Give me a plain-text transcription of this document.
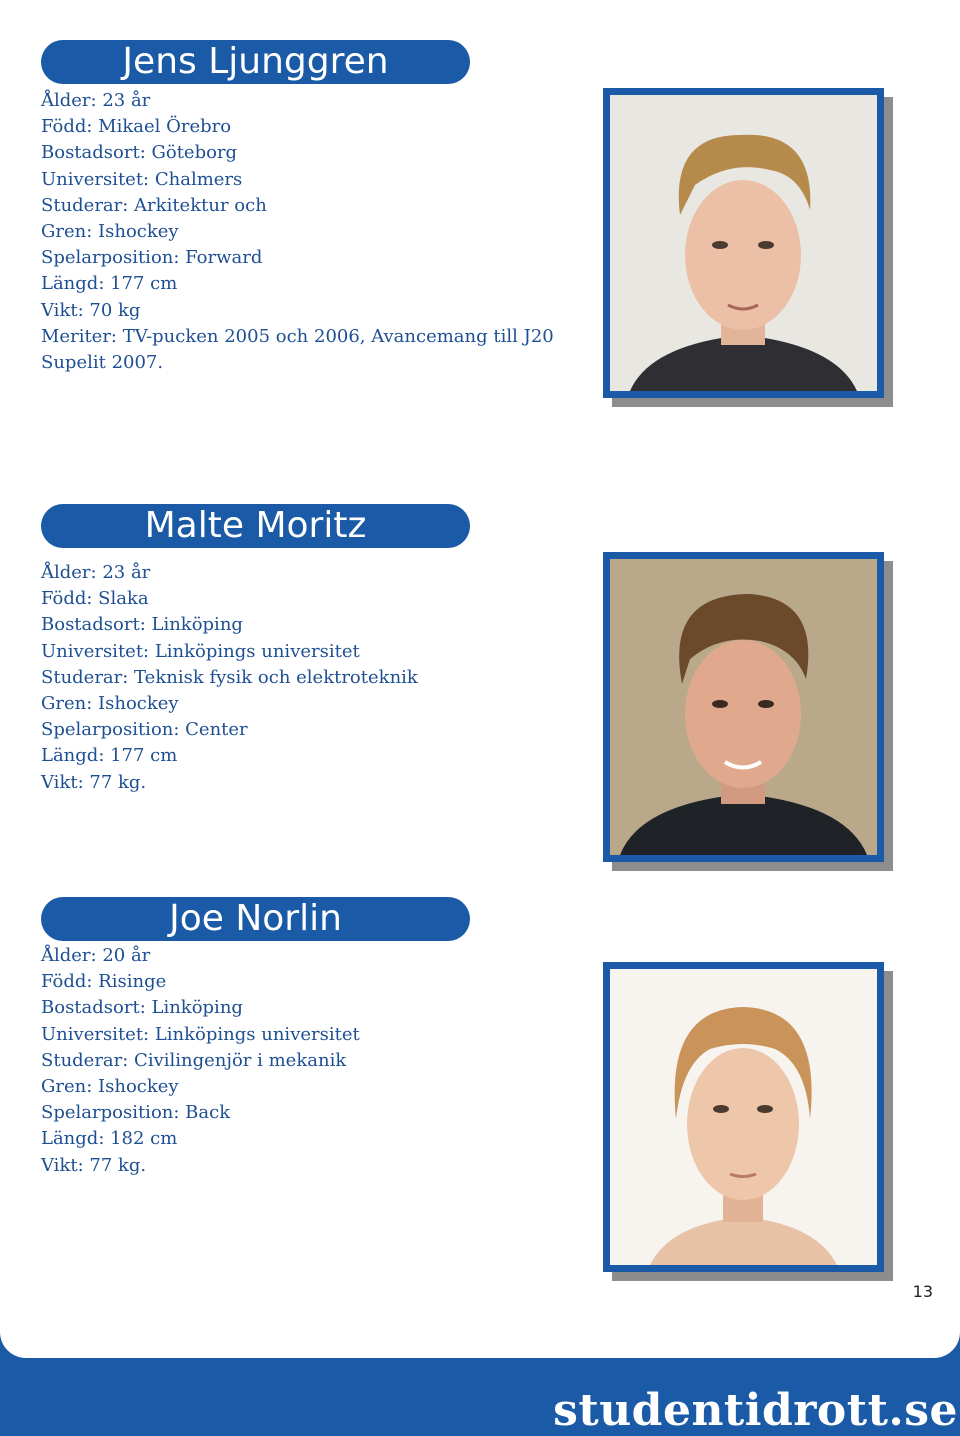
Jens Ljunggren
Ålder: 23 år
Född: Mikael Örebro
Bostadsort: Göteborg
Universitet: Chalmers
Studerar: Arkitektur och
Gren: Ishockey
Spelarposition: Forward
Längd: 177 cm
Vikt: 70 kg
Meriter: TV-pucken 2005 och 2006, Avancemang till J20
Supelit 2007.
Malte Moritz
Ålder: 23 år
Född: Slaka
Bostadsort: Linköping
Universitet: Linköpings universitet
Studerar: Teknisk fysik och elektroteknik
Gren: Ishockey
Spelarposition: Center
Längd: 177 cm
Vikt: 77 kg.
Joe Norlin
Ålder: 20 år
Född: Risinge
Bostadsort: Linköping
Universitet: Linköpings universitet
Studerar: Civilingenjör i mekanik
Gren: Ishockey
Spelarposition: Back
Längd: 182 cm
Vikt: 77 kg.
13
studentidrott.se
